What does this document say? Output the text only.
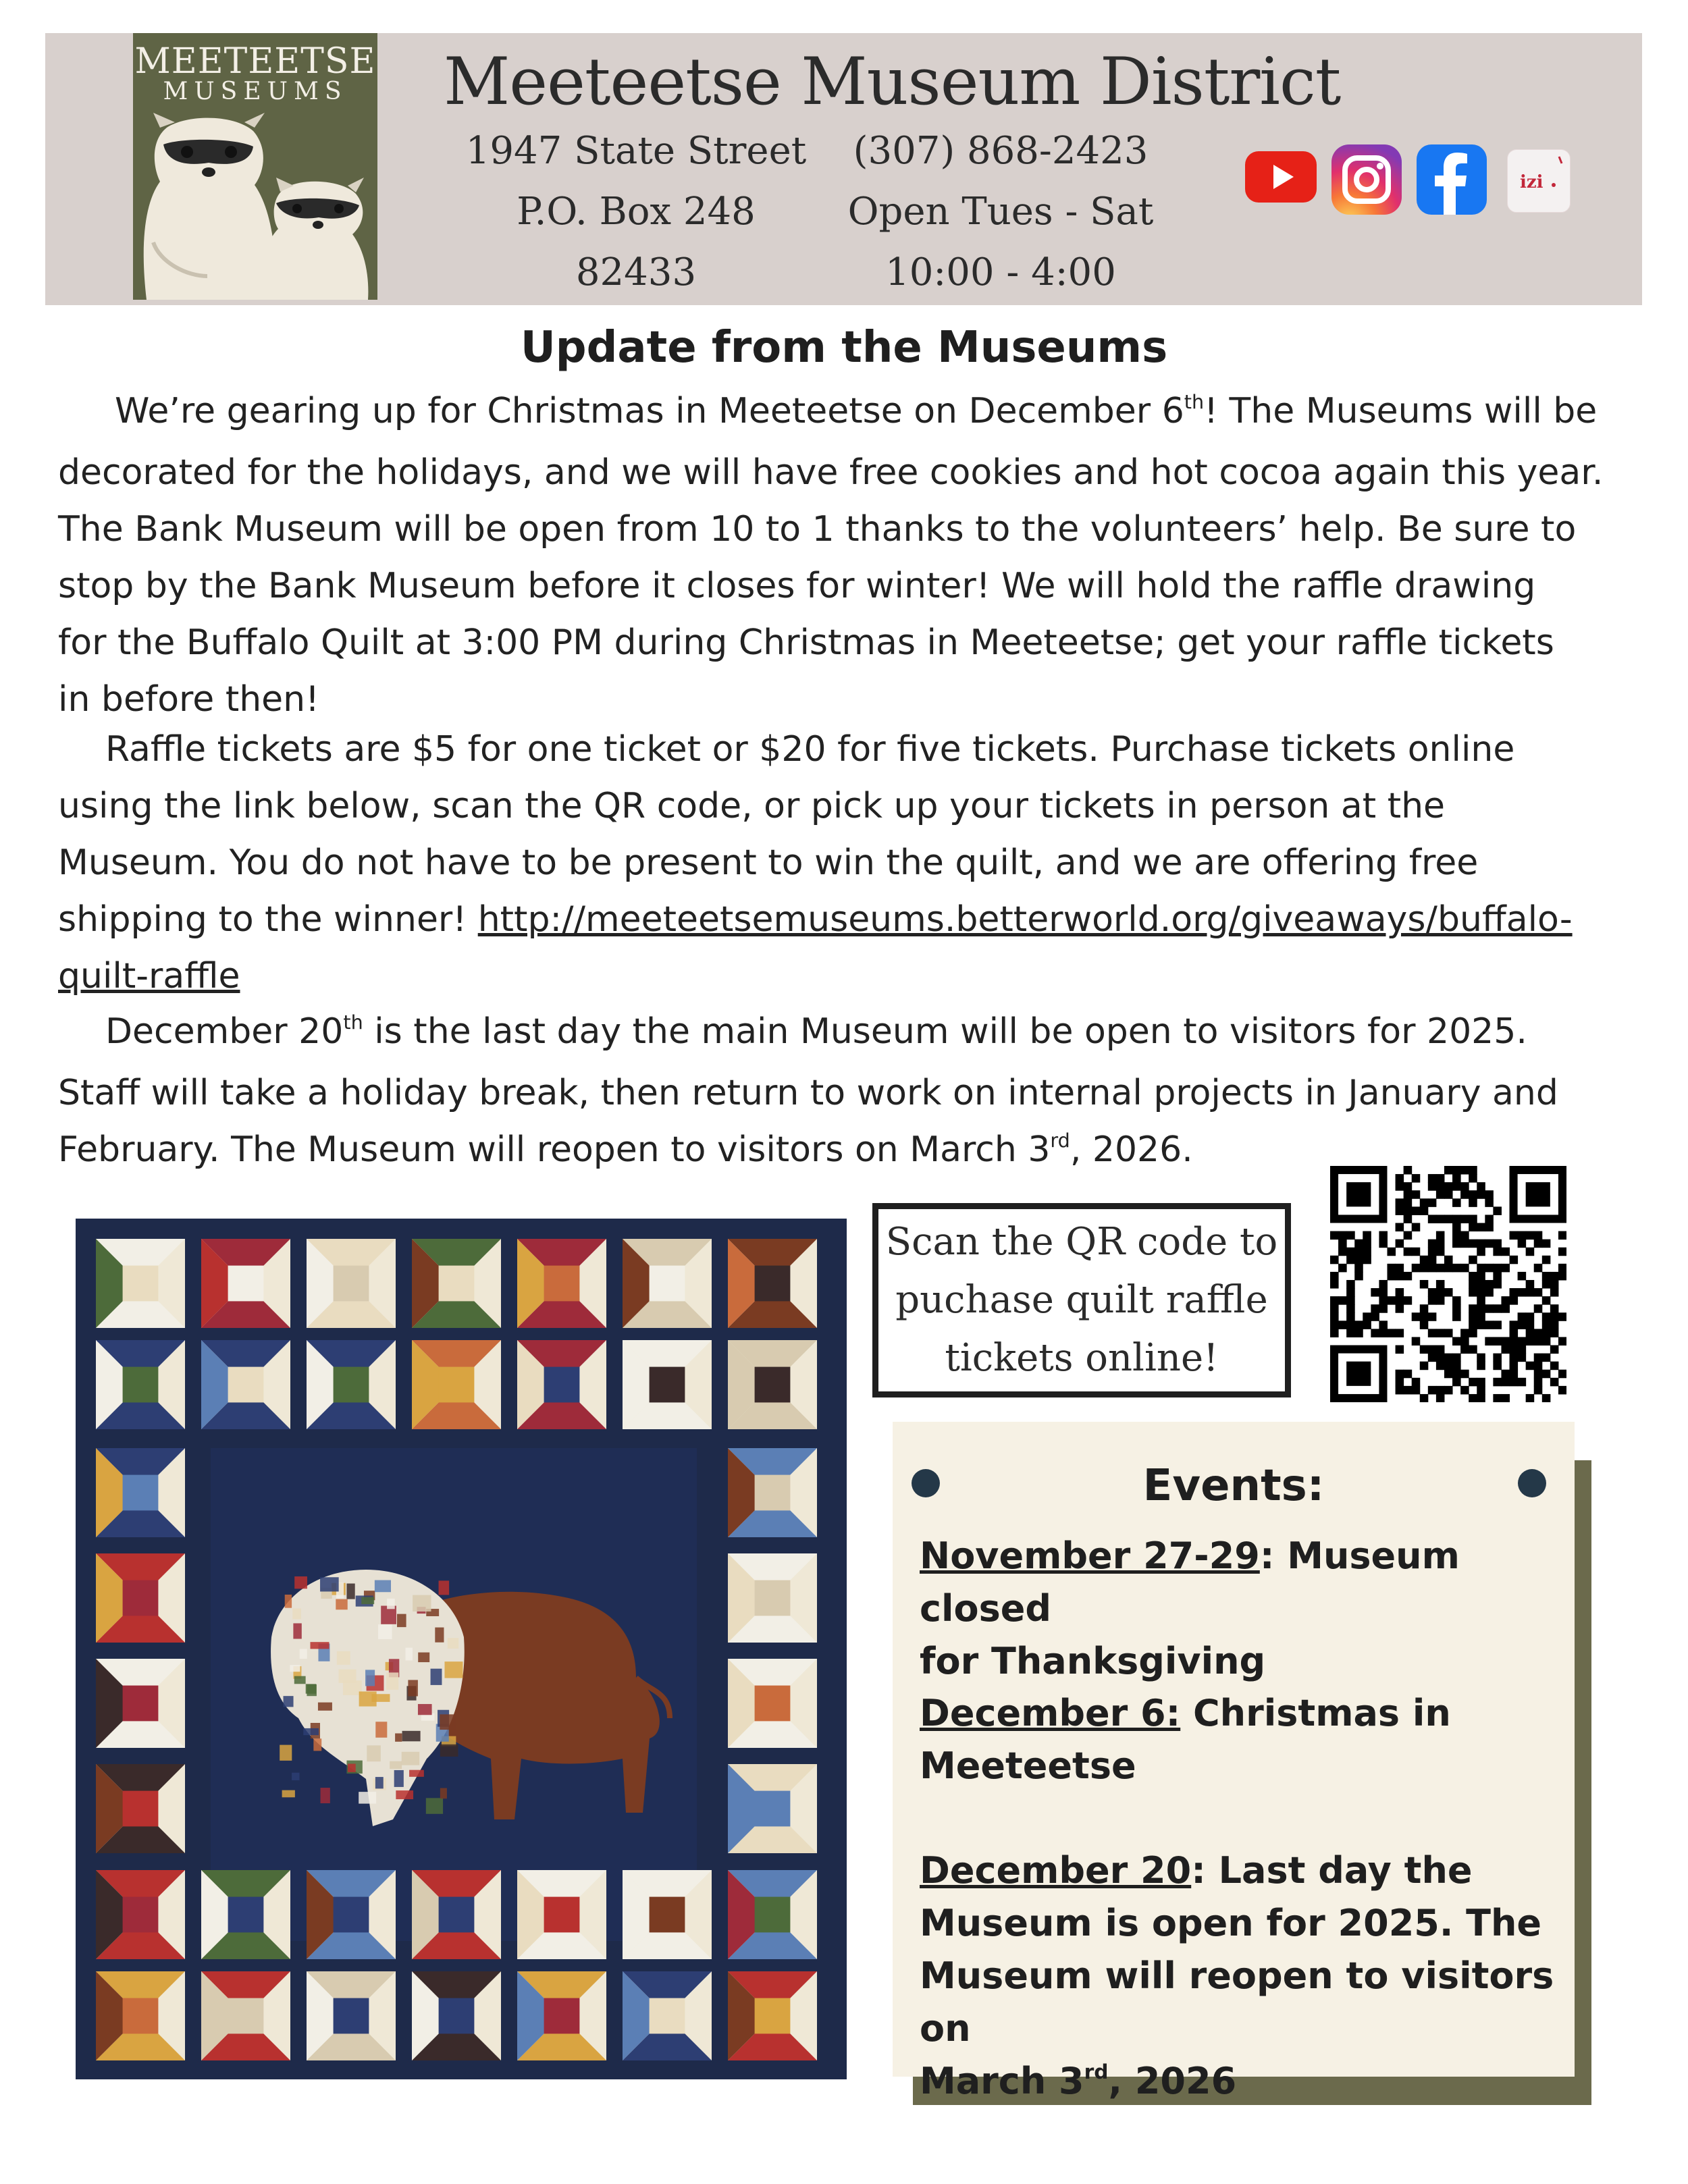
MEETEETSE
MUSEUMS	Meeteetse Museum District
1947 State Street
P.O. Box 248
82433
(307) 868-2423
Open Tues - Sat
10:00 - 4:00
izi
Update from the Museums
We’re gearing up for Christmas in Meeteetse on December 6th! The Museums will be
decorated for the holidays, and we will have free cookies and hot cocoa again this year.
The Bank Museum will be open from 10 to 1 thanks to the volunteers’ help. Be sure to
stop by the Bank Museum before it closes for winter! We will hold the raffle drawing
for the Buffalo Quilt at 3:00 PM during Christmas in Meeteetse; get your raffle tickets
in before then!
Raffle tickets are $5 for one ticket or $20 for five tickets. Purchase tickets online
using the link below, scan the QR code, or pick up your tickets in person at the
Museum. You do not have to be present to win the quilt, and we are offering free
shipping to the winner! http://meeteetsemuseums.betterworld.org/giveaways/buffalo-
quilt-raffle
December 20th is the last day the main Museum will be open to visitors for 2025.
Staff will take a holiday break, then return to work on internal projects in January and
February. The Museum will reopen to visitors on March 3rd, 2026.
Scan the QR code to
puchase quilt raffle
tickets online!
Events:
November 27-29: Museum closed
for Thanksgiving
December 6: Christmas in
Meeteetse
December 20: Last day the
Museum is open for 2025. The
Museum will reopen to visitors on
March 3rd, 2026
